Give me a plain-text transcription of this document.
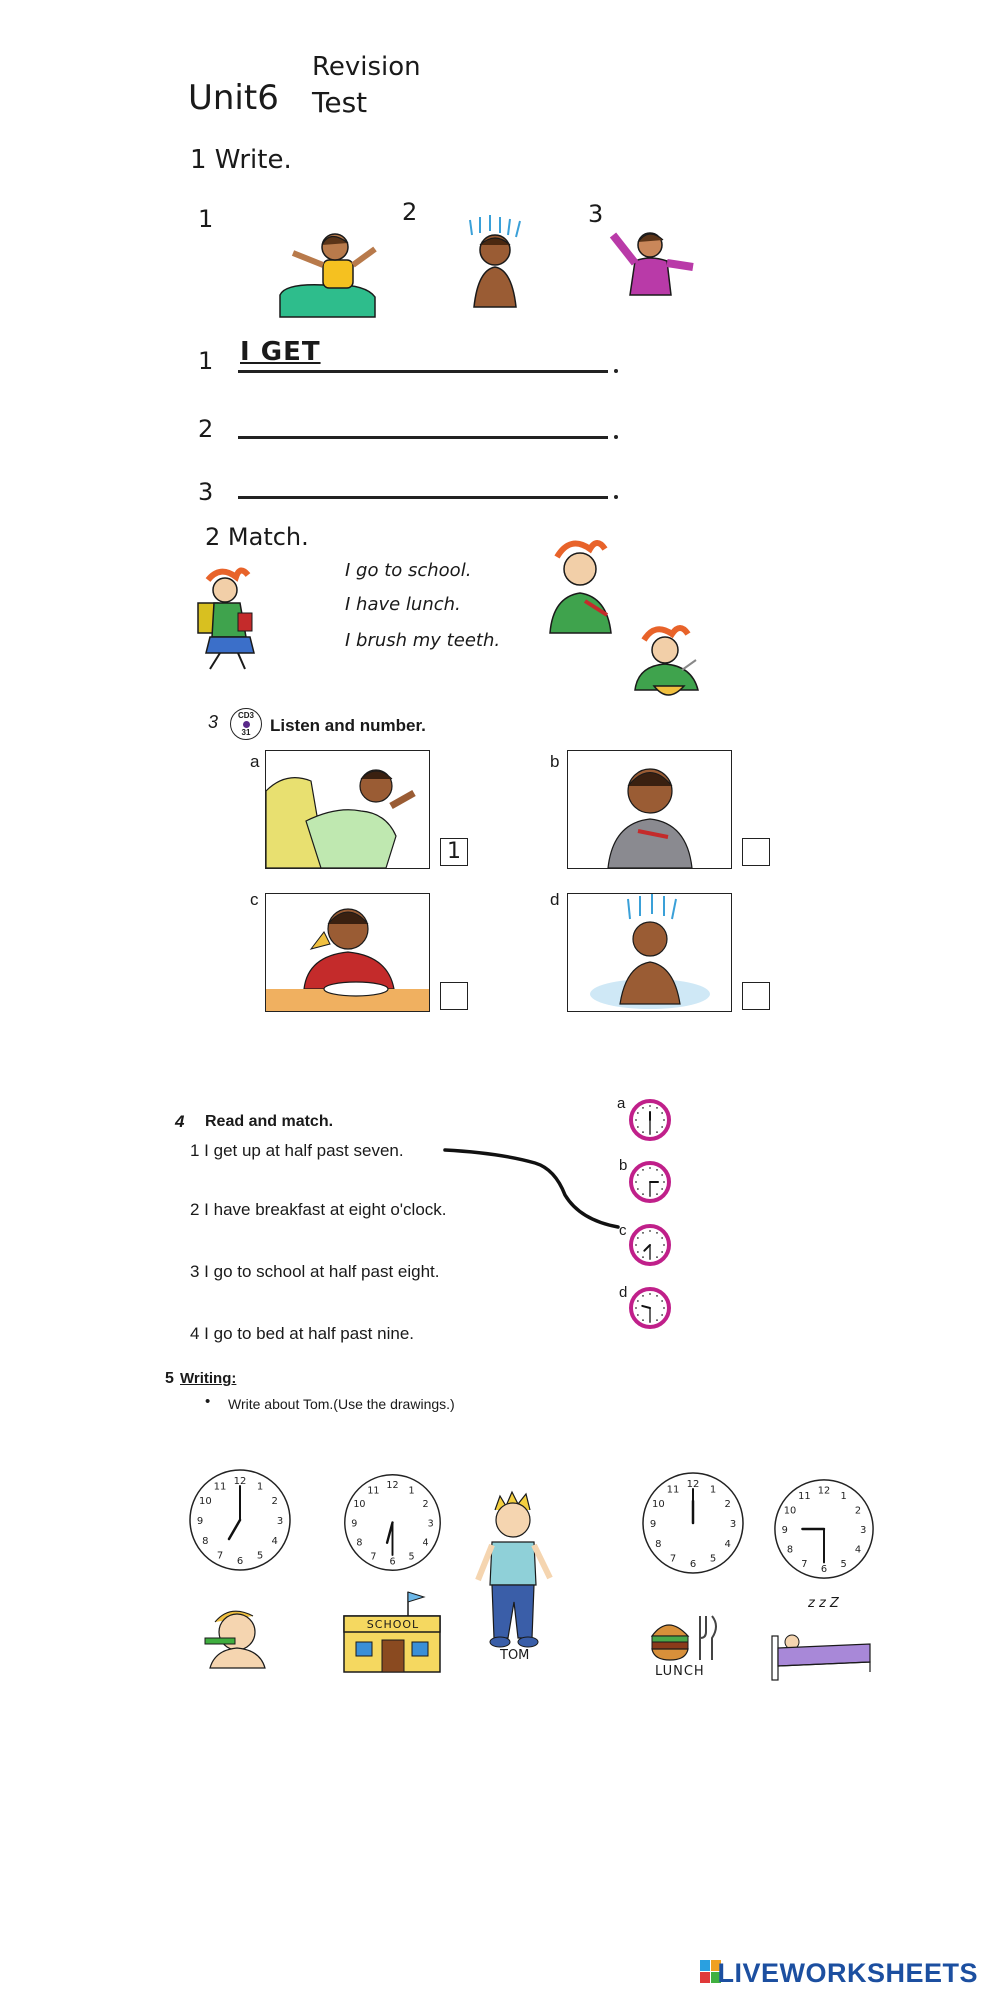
Unit6
Revision
Test
1 Write.
1	2	3
1 I GET
2
3
2 Match.
I go to school.
I have lunch.
I brush my teeth.
3	CD3
31	Listen and number.
a
1
b
c	d
4 Read and match.
1 I get up at half past seven.
2 I have breakfast at eight o'clock.
3 I go to school at half past eight.
4 I go to bed at half past nine.
a
b
c
d
5 Writing:
• Write about Tom.(Use the drawings.)
1
2
3
4
5
6
7
8
9
10
11 12
1
2
3
4
5
6
7
8
9
10
11 12	1
2
3
4
5
6
7
8
9
10
11 12
1
2
3
4
5
6
7
8
9
10
11 12
SCHOOL
TOM
LUNCH
z z Z
LIVEWORKSHEETS
